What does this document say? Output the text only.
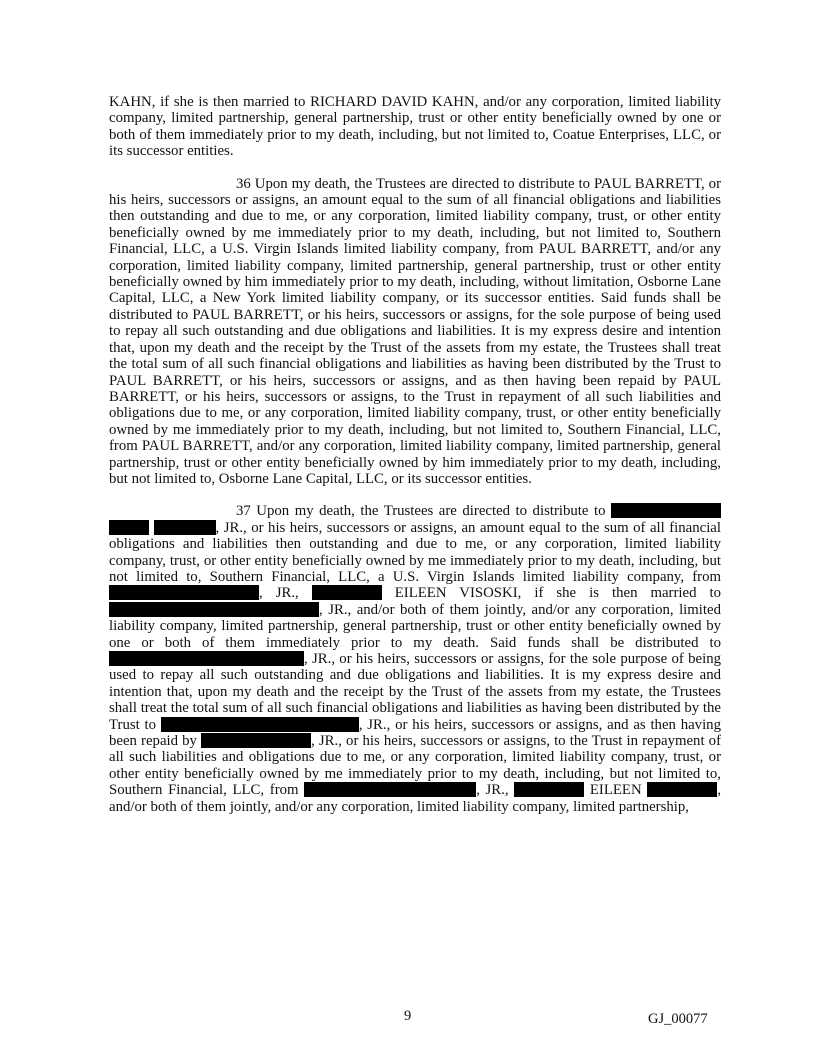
KAHN, if she is then married to RICHARD DAVID KAHN, and/or any corporation, limited liability company, limited partnership, general partnership, trust or other entity beneficially owned by one or both of them immediately prior to my death, including, but not limited to, Coatue Enterprises, LLC, or its successor entities.

36 Upon my death, the Trustees are directed to distribute to PAUL BARRETT, or his heirs, successors or assigns, an amount equal to the sum of all financial obligations and liabilities then outstanding and due to me, or any corporation, limited liability company, trust, or other entity beneficially owned by me immediately prior to my death, including, but not limited to, Southern Financial, LLC, a U.S. Virgin Islands limited liability company, from PAUL BARRETT, and/or any corporation, limited liability company, limited partnership, general partnership, trust or other entity beneficially owned by him immediately prior to my death, including, without limitation, Osborne Lane Capital, LLC, a New York limited liability company, or its successor entities. Said funds shall be distributed to PAUL BARRETT, or his heirs, successors or assigns, for the sole purpose of being used to repay all such outstanding and due obligations and liabilities. It is my express desire and intention that, upon my death and the receipt by the Trust of the assets from my estate, the Trustees shall treat the total sum of all such financial obligations and liabilities as having been distributed by the Trust to PAUL BARRETT, or his heirs, successors or assigns, and as then having been repaid by PAUL BARRETT, or his heirs, successors or assigns, to the Trust in repayment of all such liabilities and obligations due to me, or any corporation, limited liability company, trust, or other entity beneficially owned by me immediately prior to my death, including, but not limited to, Southern Financial, LLC, from PAUL BARRETT, and/or any corporation, limited liability company, limited partnership, general partnership, trust or other entity beneficially owned by him immediately prior to my death, including, but not limited to, Osborne Lane Capital, LLC, or its successor entities.

37 Upon my death, the Trustees are directed to distribute to   , JR., or his heirs, successors or assigns, an amount equal to the sum of all financial obligations and liabilities then outstanding and due to me, or any corporation, limited liability company, trust, or other entity beneficially owned by me immediately prior to my death, including, but not limited to, Southern Financial, LLC, a U.S. Virgin Islands limited liability company, from , JR.,	EILEEN VISOSKI, if she is then married to , JR., and/or both of them jointly, and/or any corporation, limited liability company, limited partnership, general partnership, trust or other entity beneficially owned by one or both of them immediately prior to my death. Said funds shall be distributed to , JR., or his heirs, successors or assigns, for the sole purpose of being used to repay all such outstanding and due obligations and liabilities. It is my express desire and intention that, upon my death and the receipt by the Trust of the assets from my estate, the Trustees shall treat the total sum of all such financial obligations and liabilities as having been distributed by the Trust to	, JR., or his heirs, successors or assigns, and as then having been repaid by	, JR., or his heirs, successors or assigns, to the Trust in repayment of all such liabilities and obligations due to me, or any corporation, limited liability company, trust, or other entity beneficially owned by me immediately prior to my death, including, but not limited to, Southern Financial, LLC, from	, JR.,	EILEEN	, and/or both of them jointly, and/or any corporation, limited liability company, limited partnership,

9	GJ_00077
